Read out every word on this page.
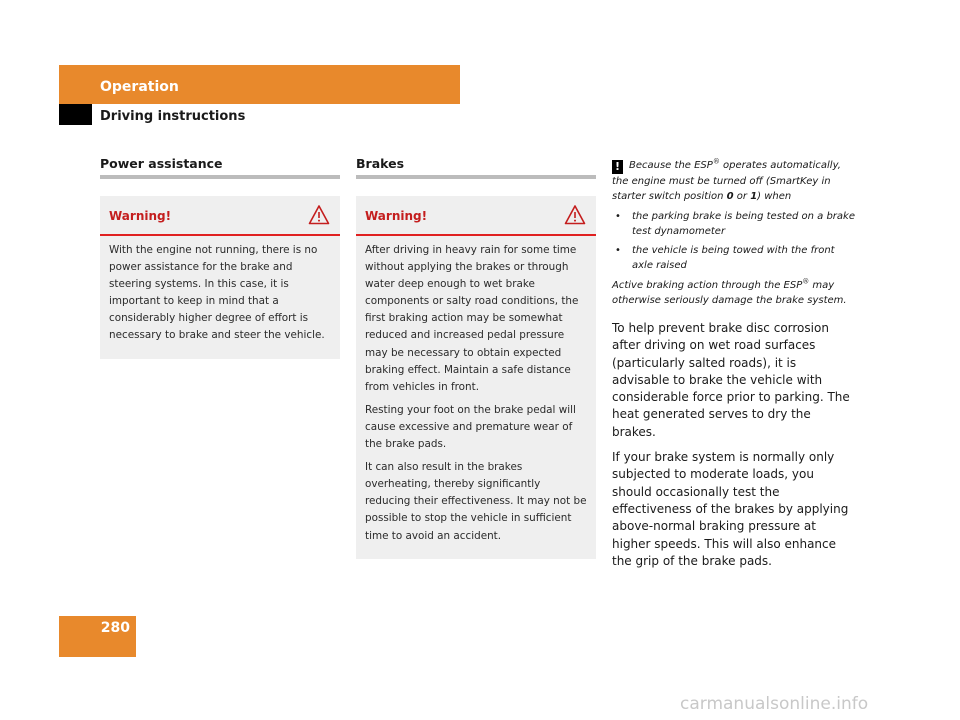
Operation
Driving instructions
Power assistance
Warning!

With the engine not running, there is no power assistance for the brake and steering systems. In this case, it is important to keep in mind that a considerably higher degree of effort is necessary to brake and steer the vehicle.

Brakes
Warning!

After driving in heavy rain for some time without applying the brakes or through water deep enough to wet brake components or salty road conditions, the first braking action may be somewhat reduced and increased pedal pressure may be necessary to obtain expected braking effect. Maintain a safe distance from vehicles in front.

Resting your foot on the brake pedal will cause excessive and premature wear of the brake pads.

It can also result in the brakes overheating, thereby significantly reducing their effectiveness. It may not be possible to stop the vehicle in sufficient time to avoid an accident.

! Because the ESP® operates automatically, the engine must be turned off (SmartKey in starter switch position 0 or 1) when

• the parking brake is being tested on a brake test dynamometer
• the vehicle is being towed with the front axle raised

Active braking action through the ESP® may otherwise seriously damage the brake system.

To help prevent brake disc corrosion after driving on wet road surfaces (particularly salted roads), it is advisable to brake the vehicle with considerable force prior to parking. The heat generated serves to dry the brakes.

If your brake system is normally only subjected to moderate loads, you should occasionally test the effectiveness of the brakes by applying above-normal braking pressure at higher speeds. This will also enhance the grip of the brake pads.

280
carmanualsonline.info
